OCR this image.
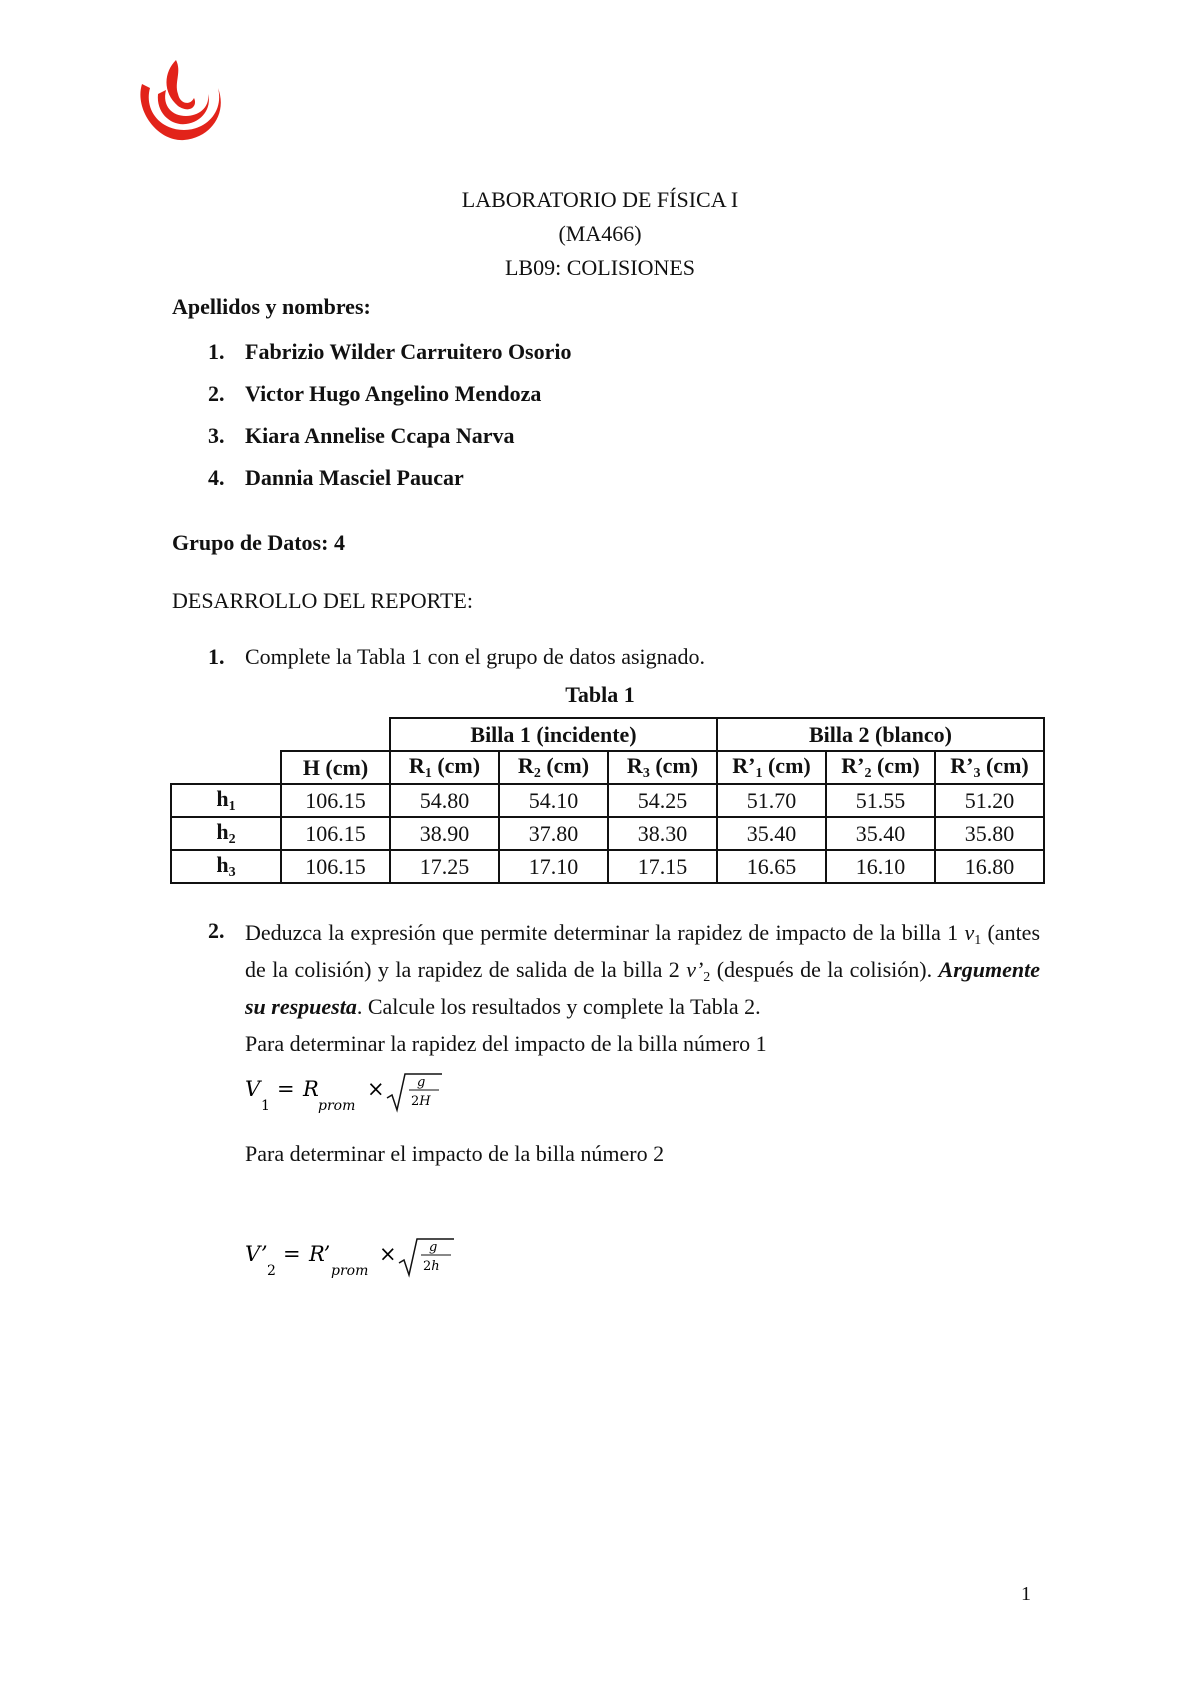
LABORATORIO DE FÍSICA I
(MA466)
LB09: COLISIONES
Apellidos y nombres:
1. Fabrizio Wilder Carruitero Osorio
2. Victor Hugo Angelino Mendoza
3. Kiara Annelise Ccapa Narva
4. Dannia Masciel Paucar
Grupo de Datos: 4
DESARROLLO DEL REPORTE:
1. Complete la Tabla 1 con el grupo de datos asignado.
Tabla 1
		Billa 1 (incidente)			Billa 2 (blanco)		
	H (cm)	$R_1$ (cm)	$R_2$ (cm)	$R_3$ (cm)	$R’_1$ (cm)	$R’_2$ (cm)	$R’_3$ (cm)
$h_1$	106.15	54.80	54.10	54.25	51.70	51.55	51.20
$h_2$	106.15	38.90	37.80	38.30	35.40	35.40	35.80
$h_3$	106.15	17.25	17.10	17.15	16.65	16.10	16.80
2. Deduzca la expresión que permite determinar la rapidez de impacto de la billa 1 $v_1$ (antes de la colisión) y la rapidez de salida de la billa 2 $v’_2$ (después de la colisión). Argumente su respuesta. Calcule los resultados y complete la Tabla 2.
Para determinar la rapidez del impacto de la billa número 1
V
1
= R
prom
× g
2H
Para determinar el impacto de la billa número 2
V’
2
= R’
prom
× g
2h
1
